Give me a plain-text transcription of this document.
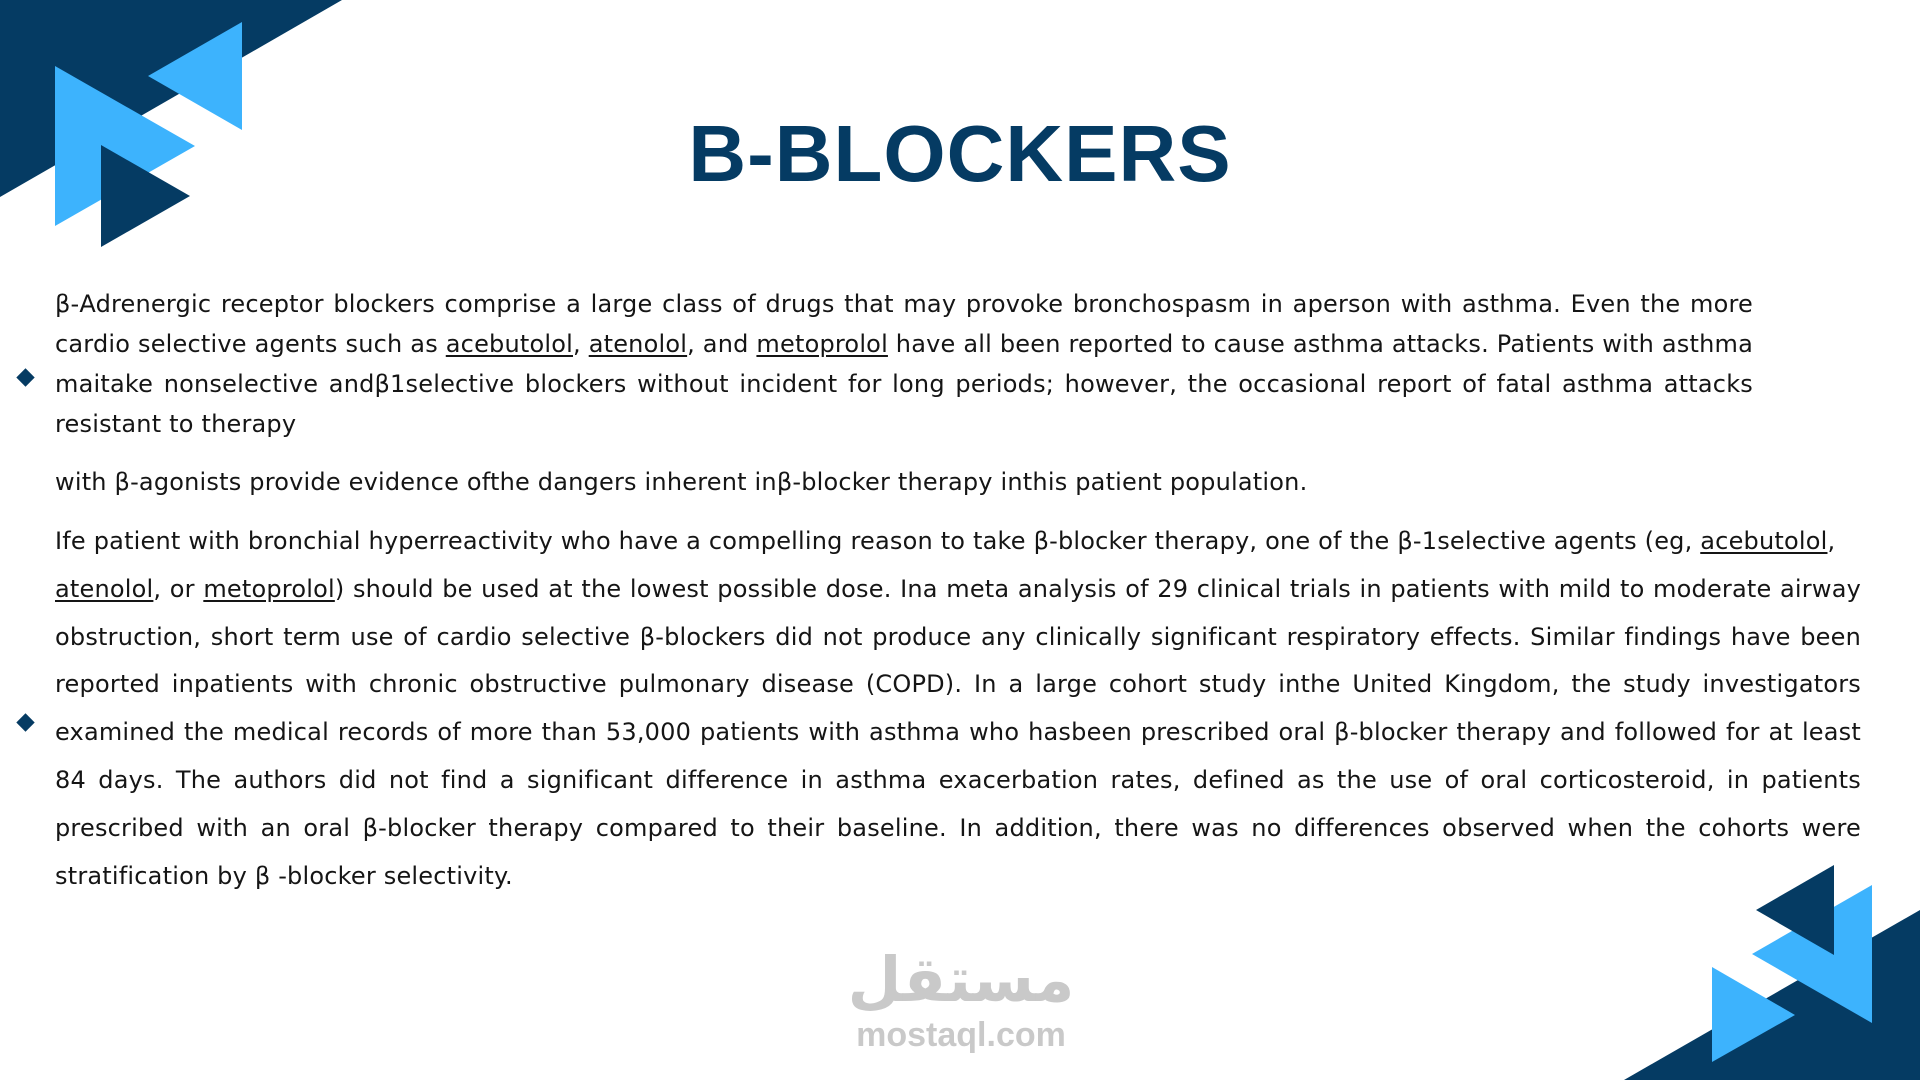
Β-BLOCKERS

β-Adrenergic receptor blockers comprise a large class of drugs that may provoke bronchospasm in aperson with asthma. Even the more cardio selective agents such as acebutolol, atenolol, and metoprolol have all been reported to cause asthma attacks. Patients with asthma maitake nonselective andβ1selective blockers without incident for long periods; however, the occasional report of fatal asthma attacks resistant to therapy

with β-agonists provide evidence ofthe dangers inherent inβ-blocker therapy inthis patient population.

Ife patient with bronchial hyperreactivity who have a compelling reason to take β-blocker therapy, one of the β-1selective agents (eg, acebutolol,
atenolol, or metoprolol) should be used at the lowest possible dose. Ina meta analysis of 29 clinical trials in patients with mild to moderate airway obstruction, short term use of cardio selective β-blockers did not produce any clinically significant respiratory effects. Similar findings have been reported inpatients with chronic obstructive pulmonary disease (COPD). In a large cohort study inthe United Kingdom, the study investigators examined the medical records of more than 53,000 patients with asthma who hasbeen prescribed oral β-blocker therapy and followed for at least 84 days. The authors did not find a significant difference in asthma exacerbation rates, defined as the use of oral corticosteroid, in patients prescribed with an oral β-blocker therapy compared to their baseline. In addition, there was no differences observed when the cohorts were stratification by β -blocker selectivity.

مستقل
mostaql.com
